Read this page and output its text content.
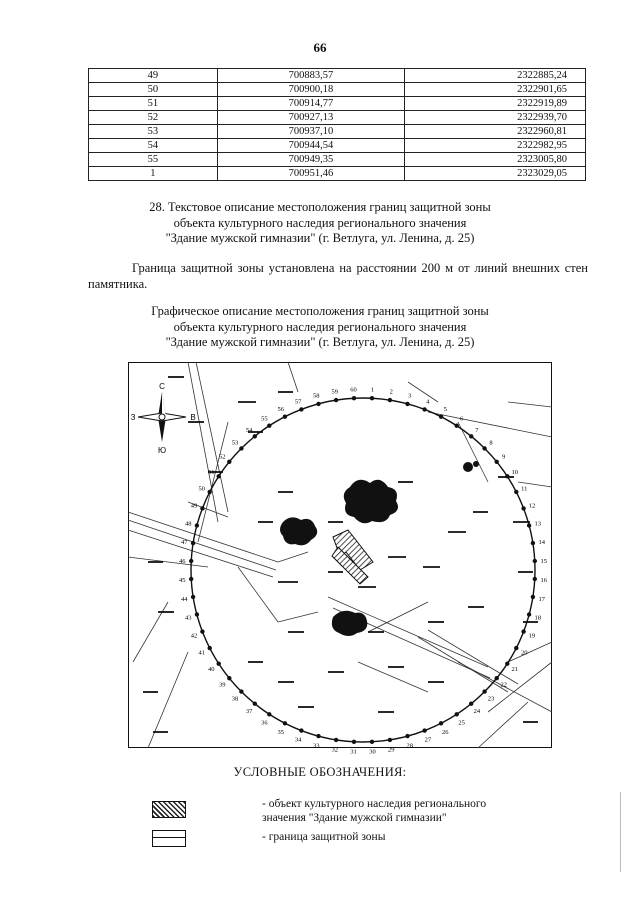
66
49	700883,57	2322885,24
50	700900,18	2322901,65
51	700914,77	2322919,89
52	700927,13	2322939,70
53	700937,10	2322960,81
54	700944,54	2322982,95
55	700949,35	2323005,80
1	700951,46	2323029,05
28. Текстовое описание местоположения границ защитной зоны
объекта культурного наследия регионального значения
"Здание мужской гимназии" (г. Ветлуга, ул. Ленина, д. 25)
Граница защитной зоны установлена на расстоянии 200 м от линий внешних стен памятника.
Графическое описание местоположения границ защитной зоны
объекта культурного наследия регионального значения
"Здание мужской гимназии" (г. Ветлуга, ул. Ленина, д. 25)
С
Ю
З	В
1 2
3
4
5
6
7
8
9
10
11
12
13
14
15
16
17
18
19
20
21
22
23
24
25
26
27
28
29
30
31
32
33
34
35
36
37
38
39
40
41
42
43
44
45
46
47
48
49
50
51
52
53
54
55
56
57
58
59 60
УСЛОВНЫЕ ОБОЗНАЧЕНИЯ:
- объект культурного наследия регионального
значения "Здание мужской гимназии"
- граница защитной зоны
